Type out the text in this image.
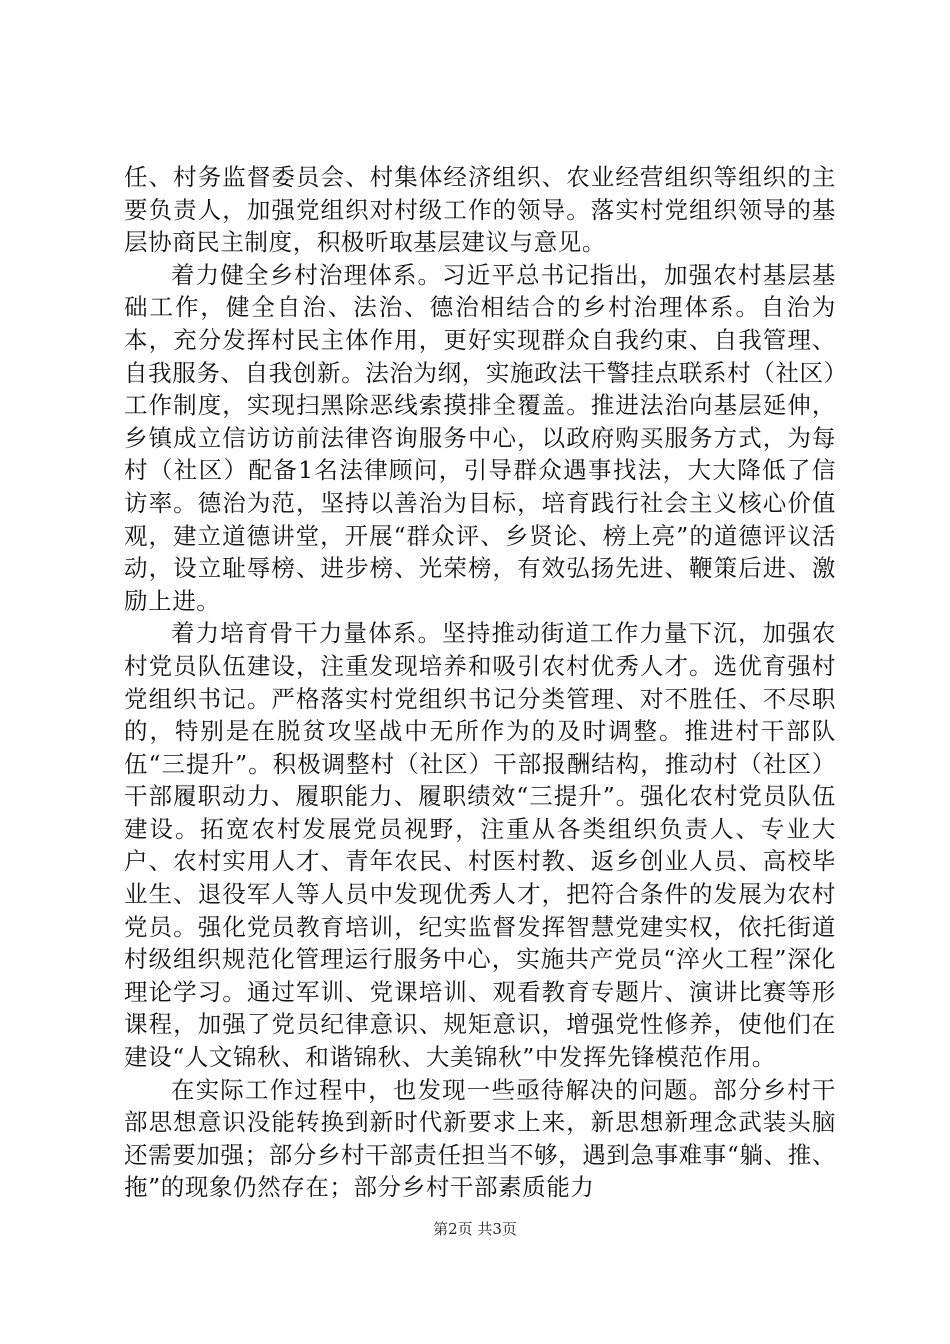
任、村务监督委员会、村集体经济组织、农业经营组织等组织的主要负责人，加强党组织对村级工作的领导。落实村党组织领导的基层协商民主制度，积极听取基层建议与意见。

着力健全乡村治理体系。习近平总书记指出，加强农村基层基础工作，健全自治、法治、德治相结合的乡村治理体系。自治为本，充分发挥村民主体作用，更好实现群众自我约束、自我管理、自我服务、自我创新。法治为纲，实施政法干警挂点联系村（社区）工作制度，实现扫黑除恶线索摸排全覆盖。推进法治向基层延伸，乡镇成立信访访前法律咨询服务中心，以政府购买服务方式，为每村（社区）配备1名法律顾问，引导群众遇事找法，大大降低了信访率。德治为范，坚持以善治为目标，培育践行社会主义核心价值观，建立道德讲堂，开展“群众评、乡贤论、榜上亮”的道德评议活动，设立耻辱榜、进步榜、光荣榜，有效弘扬先进、鞭策后进、激励上进。

着力培育骨干力量体系。坚持推动街道工作力量下沉，加强农村党员队伍建设，注重发现培养和吸引农村优秀人才。选优育强村党组织书记。严格落实村党组织书记分类管理、对不胜任、不尽职的，特别是在脱贫攻坚战中无所作为的及时调整。推进村干部队伍“三提升”。积极调整村（社区）干部报酬结构，推动村（社区）干部履职动力、履职能力、履职绩效“三提升”。强化农村党员队伍建设。拓宽农村发展党员视野，注重从各类组织负责人、专业大户、农村实用人才、青年农民、村医村教、返乡创业人员、高校毕业生、退役军人等人员中发现优秀人才，把符合条件的发展为农村党员。强化党员教育培训，纪实监督发挥智慧党建实权，依托街道村级组织规范化管理运行服务中心，实施共产党员“淬火工程”深化理论学习。通过军训、党课培训、观看教育专题片、演讲比赛等形课程，加强了党员纪律意识、规矩意识，增强党性修养，使他们在建设“人文锦秋、和谐锦秋、大美锦秋”中发挥先锋模范作用。

在实际工作过程中，也发现一些亟待解决的问题。部分乡村干部思想意识没能转换到新时代新要求上来，新思想新理念武装头脑还需要加强；部分乡村干部责任担当不够，遇到急事难事“躺、推、拖”的现象仍然存在；部分乡村干部素质能力

第2页 共3页
